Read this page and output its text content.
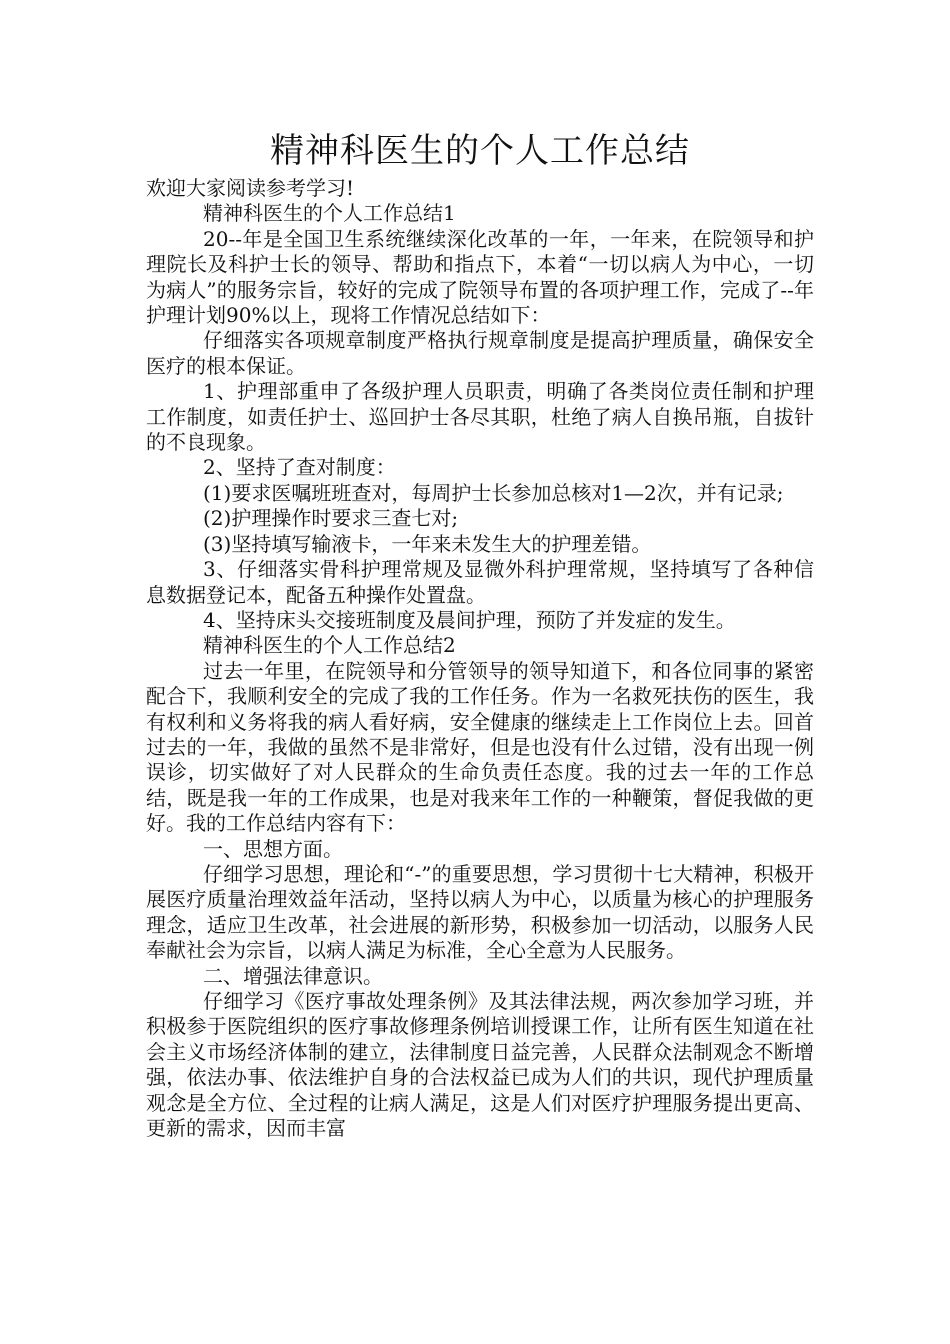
精神科医生的个人工作总结

欢迎大家阅读参考学习!

精神科医生的个人工作总结1

20--年是全国卫生系统继续深化改革的一年，一年来，在院领导和护理院长及科护士长的领导、帮助和指点下，本着“一切以病人为中心，一切为病人”的服务宗旨，较好的完成了院领导布置的各项护理工作，完成了--年护理计划90%以上，现将工作情况总结如下：

仔细落实各项规章制度严格执行规章制度是提高护理质量，确保安全医疗的根本保证。

1、护理部重申了各级护理人员职责，明确了各类岗位责任制和护理工作制度，如责任护士、巡回护士各尽其职，杜绝了病人自换吊瓶，自拔针的不良现象。

2、坚持了查对制度：

(1)要求医嘱班班查对，每周护士长参加总核对1—2次，并有记录;

(2)护理操作时要求三查七对;

(3)坚持填写输液卡，一年来未发生大的护理差错。

3、仔细落实骨科护理常规及显微外科护理常规，坚持填写了各种信息数据登记本，配备五种操作处置盘。

4、坚持床头交接班制度及晨间护理，预防了并发症的发生。

精神科医生的个人工作总结2

过去一年里，在院领导和分管领导的领导知道下，和各位同事的紧密配合下，我顺利安全的完成了我的工作任务。作为一名救死扶伤的医生，我有权利和义务将我的病人看好病，安全健康的继续走上工作岗位上去。回首过去的一年，我做的虽然不是非常好，但是也没有什么过错，没有出现一例误诊，切实做好了对人民群众的生命负责任态度。我的过去一年的工作总结，既是我一年的工作成果，也是对我来年工作的一种鞭策，督促我做的更好。我的工作总结内容有下：

一、思想方面。

仔细学习思想，理论和“-”的重要思想，学习贯彻十七大精神，积极开展医疗质量治理效益年活动，坚持以病人为中心，以质量为核心的护理服务理念，适应卫生改革，社会进展的新形势，积极参加一切活动，以服务人民奉献社会为宗旨，以病人满足为标准，全心全意为人民服务。

二、增强法律意识。

仔细学习《医疗事故处理条例》及其法律法规，两次参加学习班，并积极参于医院组织的医疗事故修理条例培训授课工作，让所有医生知道在社会主义市场经济体制的建立，法律制度日益完善，人民群众法制观念不断增强，依法办事、依法维护自身的合法权益已成为人们的共识，现代护理质量观念是全方位、全过程的让病人满足，这是人们对医疗护理服务提出更高、更新的需求，因而丰富
